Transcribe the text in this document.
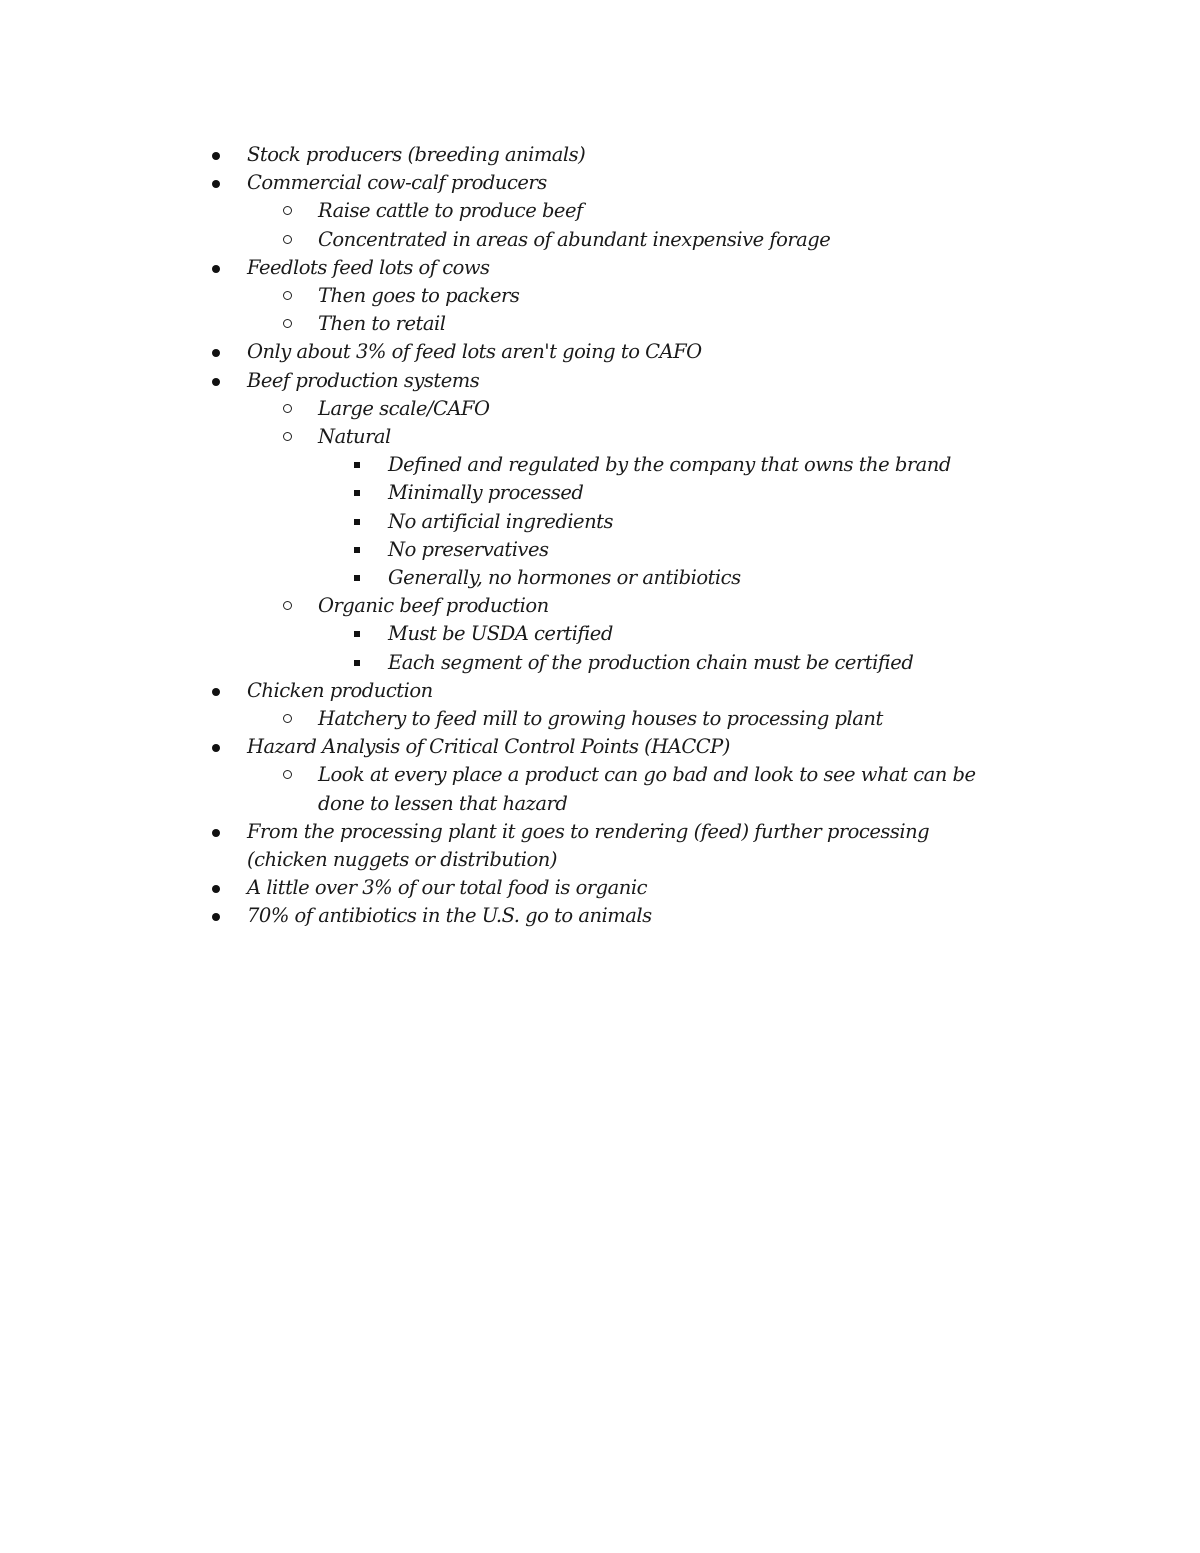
Stock producers (breeding animals)
Commercial cow-calf producers
Raise cattle to produce beef
Concentrated in areas of abundant inexpensive forage
Feedlots feed lots of cows
Then goes to packers
Then to retail
Only about 3% of feed lots aren't going to CAFO
Beef production systems
Large scale/CAFO
Natural
Defined and regulated by the company that owns the brand
Minimally processed
No artificial ingredients
No preservatives
Generally, no hormones or antibiotics
Organic beef production
Must be USDA certified
Each segment of the production chain must be certified
Chicken production
Hatchery to feed mill to growing houses to processing plant
Hazard Analysis of Critical Control Points (HACCP)
Look at every place a product can go bad and look to see what can be done to lessen that hazard
From the processing plant it goes to rendering (feed) further processing (chicken nuggets or distribution)
A little over 3% of our total food is organic
70% of antibiotics in the U.S. go to animals
